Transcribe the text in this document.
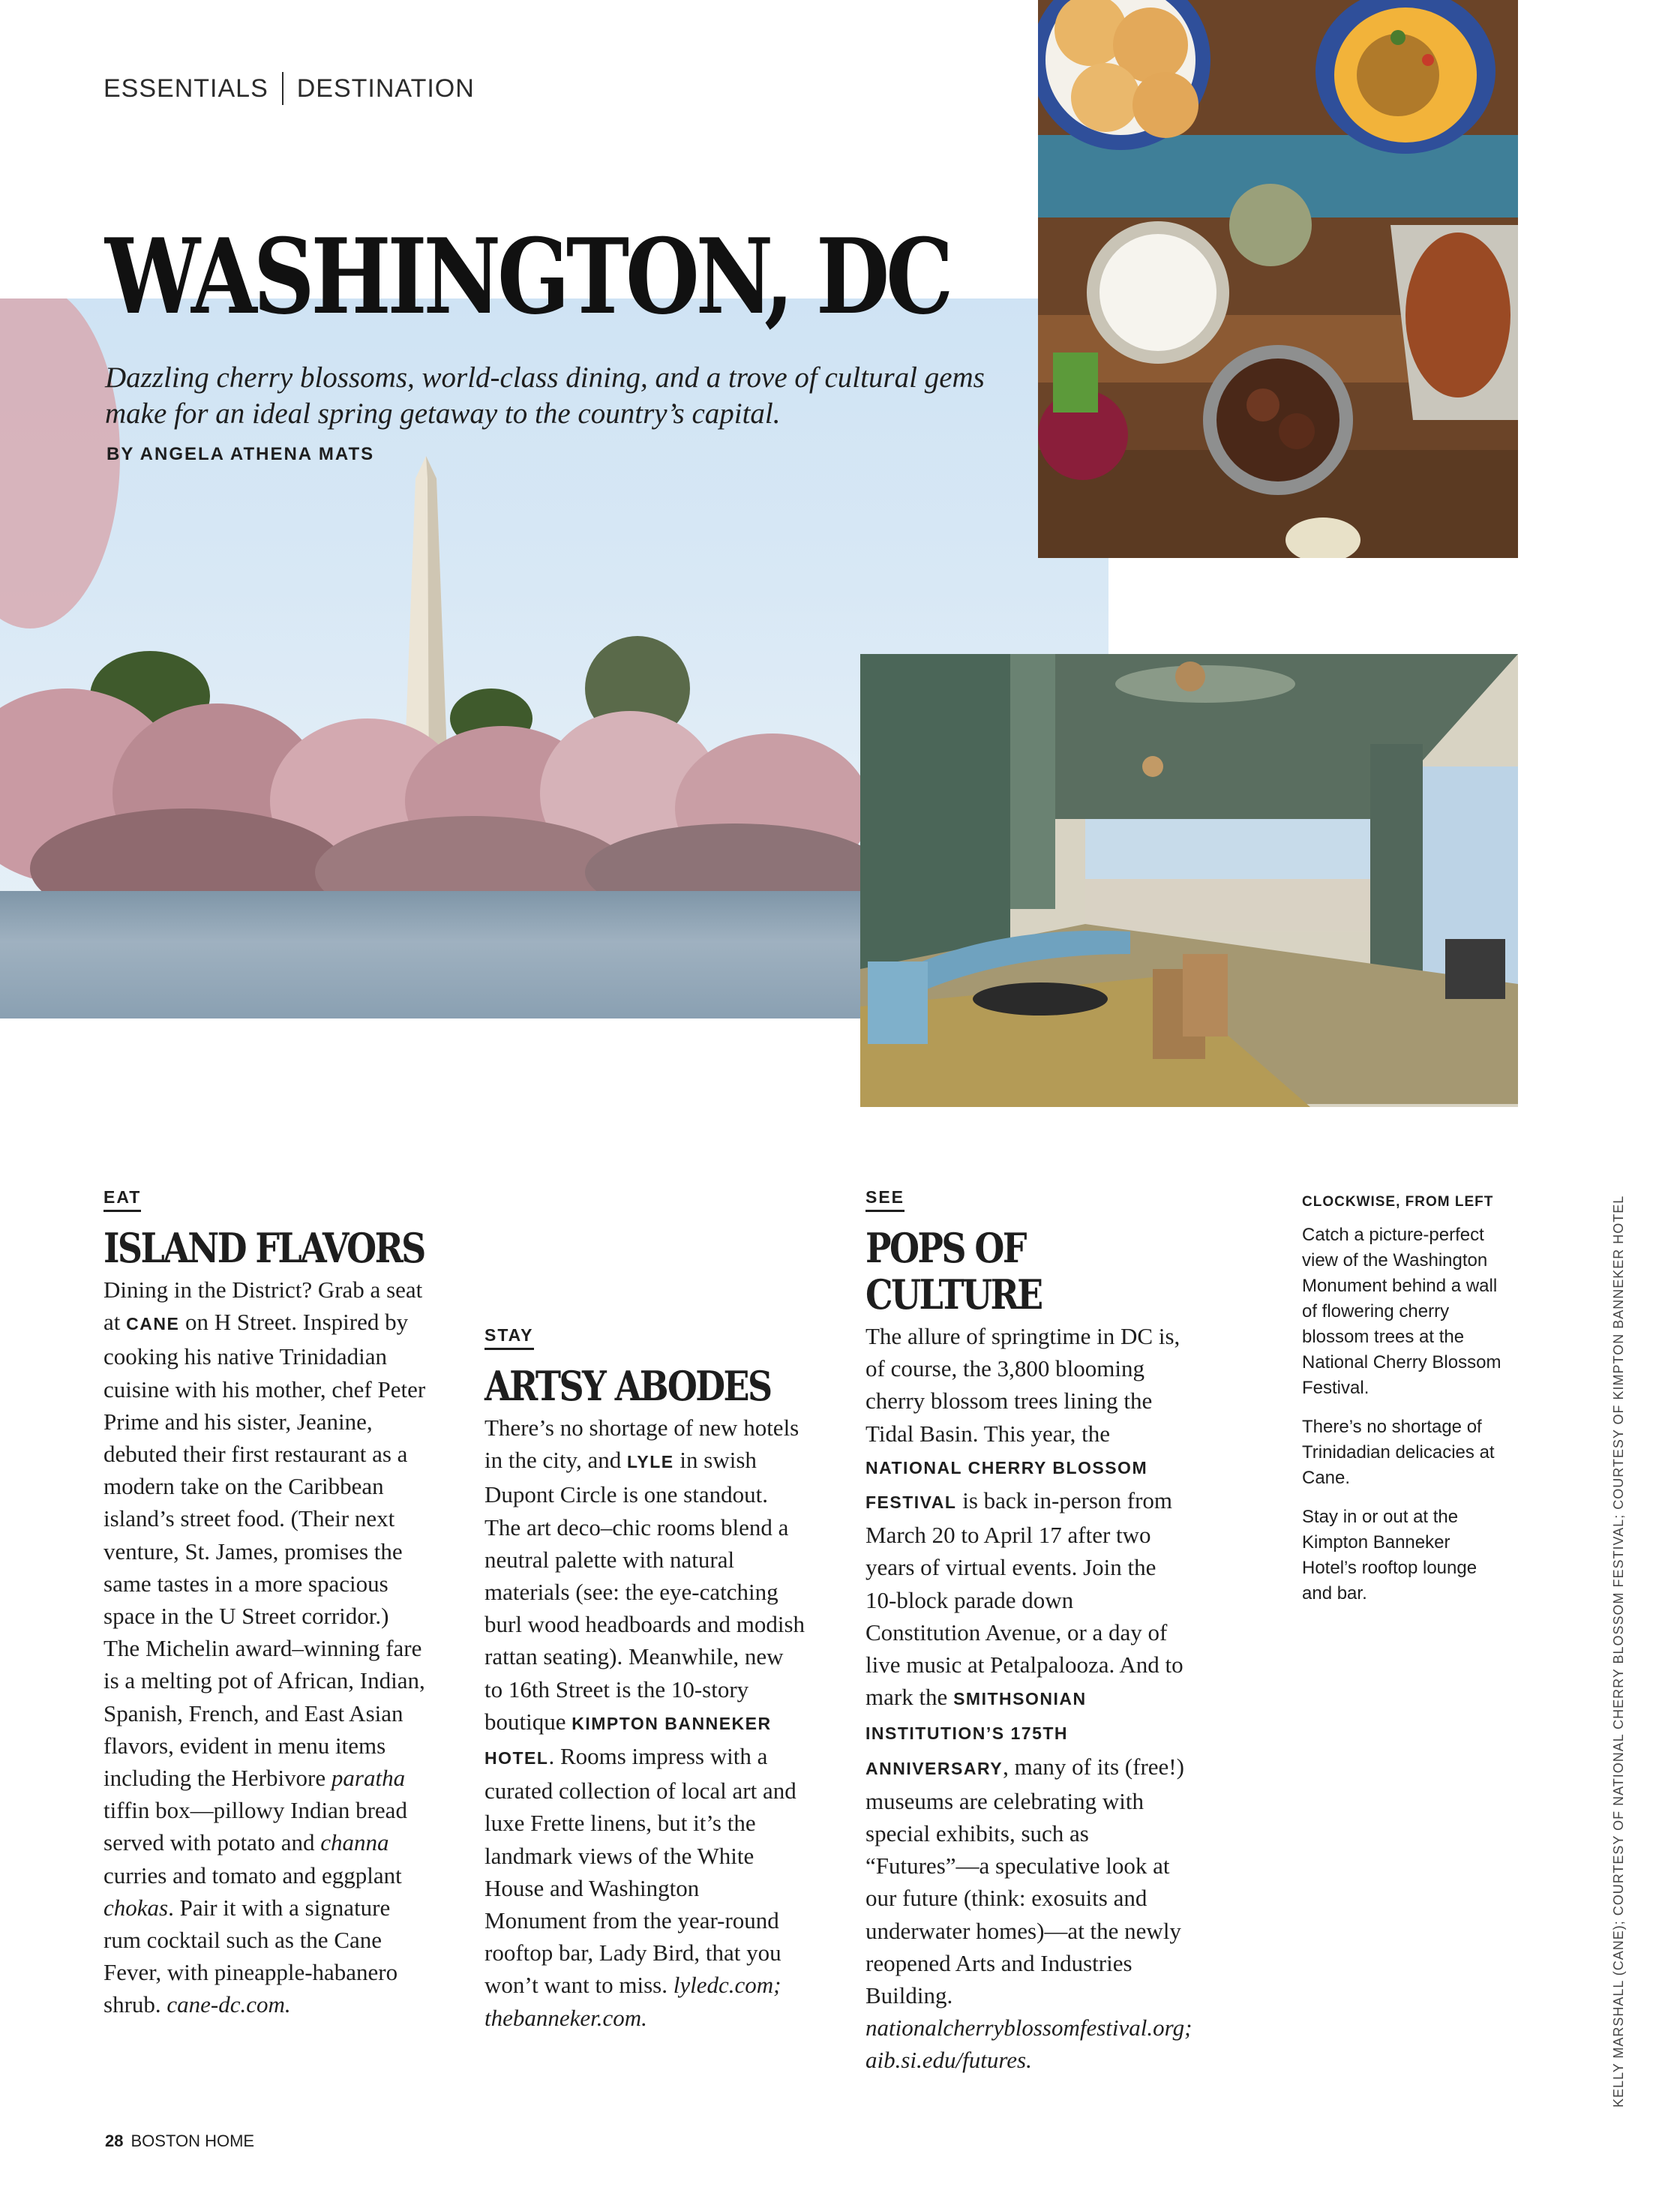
ESSENTIALS DESTINATION
WASHINGTON, DC
Dazzling cherry blossoms, world-class dining, and a trove of cultural gems make for an ideal spring getaway to the country’s capital.
BY ANGELA ATHENA MATS
EAT
ISLAND FLAVORS

Dining in the District? Grab a seat at CANE on H Street. Inspired by cooking his native Trinidadian cuisine with his mother, chef Peter Prime and his sister, Jeanine, debuted their first restaurant as a modern take on the Caribbean island’s street food. (Their next venture, St. James, promises the same tastes in a more spacious space in the U Street corridor.) The Michelin award–winning fare is a melting pot of African, Indian, Spanish, French, and East Asian flavors, evident in menu items including the Herbivore paratha tiffin box—pillowy Indian bread served with potato and channa curries and tomato and eggplant chokas. Pair it with a signature rum cocktail such as the Cane Fever, with pineapple-habanero shrub. cane-dc.com.

STAY
ARTSY ABODES

There’s no shortage of new hotels in the city, and LYLE in swish Dupont Circle is one standout. The art deco–chic rooms blend a neutral palette with natural materials (see: the eye-catching burl wood headboards and modish rattan seating). Meanwhile, new to 16th Street is the 10-story boutique KIMPTON BANNEKER HOTEL. Rooms impress with a curated collection of local art and luxe Frette linens, but it’s the landmark views of the White House and Washington Monument from the year-round rooftop bar, Lady Bird, that you won’t want to miss. lyledc.com; thebanneker.com.

SEE
POPS OF
CULTURE

The allure of springtime in DC is, of course, the 3,800 blooming cherry blossom trees lining the Tidal Basin. This year, the NATIONAL CHERRY BLOSSOM FESTIVAL is back in-person from March 20 to April 17 after two years of virtual events. Join the 10-block parade down Constitution Avenue, or a day of live music at Petalpalooza. And to mark the SMITHSONIAN INSTITUTION’S 175TH ANNIVERSARY, many of its (free!) museums are celebrating with special exhibits, such as “Futures”—a speculative look at our future (think: exosuits and underwater homes)—at the newly reopened Arts and Industries Building. nationalcherryblossomfestival.org; aib.si.edu/futures.

CLOCKWISE, FROM LEFT

Catch a picture-perfect view of the Washington Monument behind a wall of flowering cherry blossom trees at the National Cherry Blossom Festival.

There’s no shortage of Trinidadian delicacies at Cane.

Stay in or out at the Kimpton Banneker Hotel’s rooftop lounge and bar.	KELLY MARSHALL (CANE); COURTESY OF NATIONAL CHERRY BLOSSOM FESTIVAL; COURTESY OF KIMPTON BANNEKER HOTEL
28 BOSTON HOME
